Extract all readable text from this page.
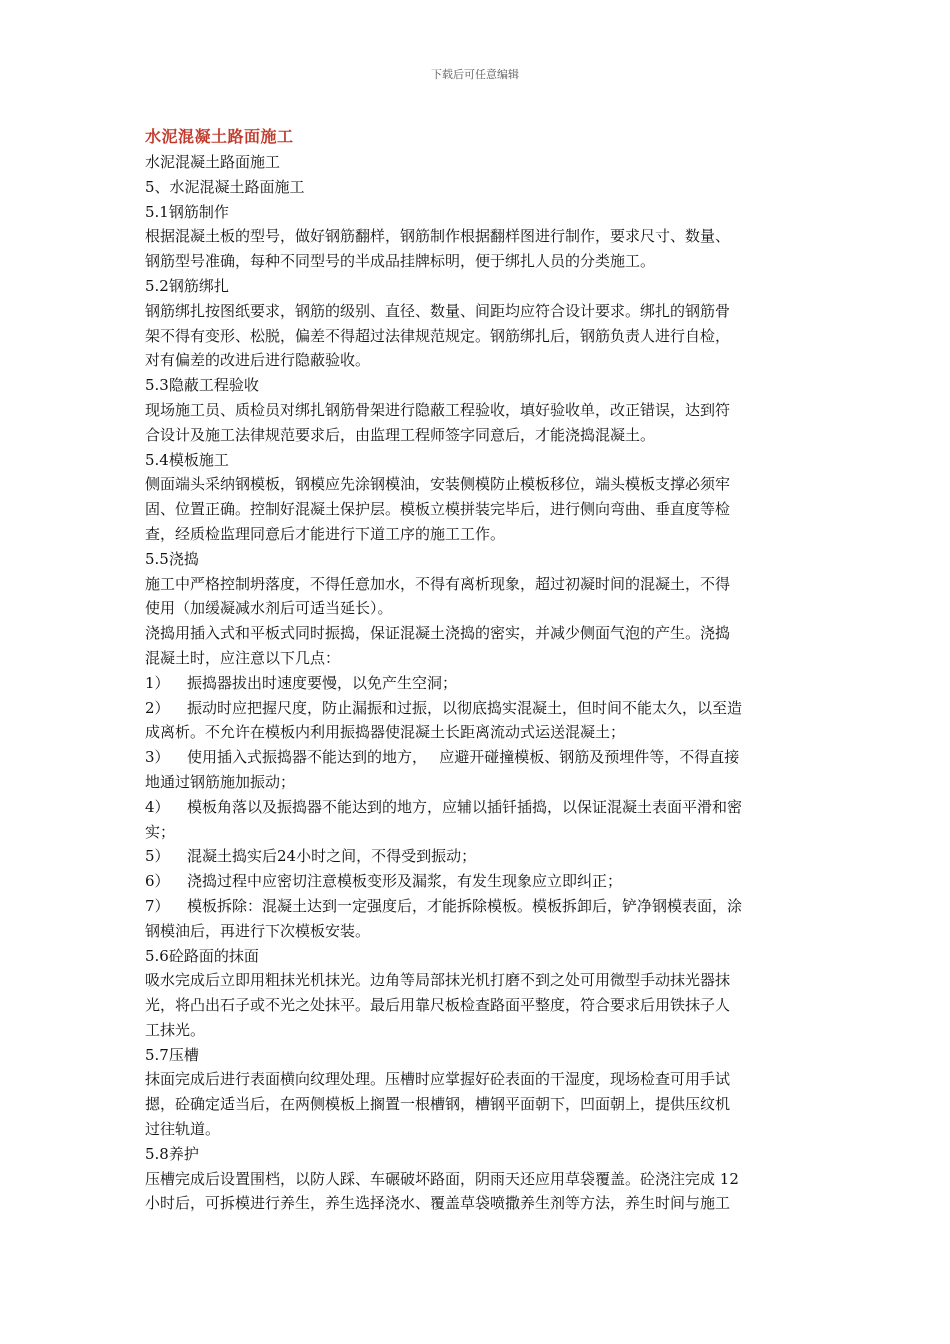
下载后可任意编辑
水泥混凝土路面施工
水泥混凝土路面施工
5、水泥混凝土路面施工
5.1钢筋制作
根据混凝土板的型号，做好钢筋翻样，钢筋制作根据翻样图进行制作，要求尺寸、数量、
钢筋型号准确，每种不同型号的半成品挂牌标明，便于绑扎人员的分类施工。
5.2钢筋绑扎
钢筋绑扎按图纸要求，钢筋的级别、直径、数量、间距均应符合设计要求。绑扎的钢筋骨
架不得有变形、松脱，偏差不得超过法律规范规定。钢筋绑扎后，钢筋负责人进行自检，
对有偏差的改进后进行隐蔽验收。
5.3隐蔽工程验收
现场施工员、质检员对绑扎钢筋骨架进行隐蔽工程验收，填好验收单，改正错误，达到符
合设计及施工法律规范要求后，由监理工程师签字同意后，才能浇捣混凝土。
5.4模板施工
侧面端头采纳钢模板，钢模应先涂钢模油，安装侧模防止模板移位，端头模板支撑必须牢
固、位置正确。控制好混凝土保护层。模板立模拼装完毕后，进行侧向弯曲、垂直度等检
查，经质检监理同意后才能进行下道工序的施工工作。
5.5浇捣
施工中严格控制坍落度，不得任意加水，不得有离析现象，超过初凝时间的混凝土，不得
使用（加缓凝减水剂后可适当延长）。
浇捣用插入式和平板式同时振捣，保证混凝土浇捣的密实，并减少侧面气泡的产生。浇捣
混凝土时，应注意以下几点：
1）	振捣器拔出时速度要慢，以免产生空洞；
2）	振动时应把握尺度，防止漏振和过振，以彻底捣实混凝土，但时间不能太久，以至造
成离析。不允许在模板内利用振捣器使混凝土长距离流动式运送混凝土；
3）	使用插入式振捣器不能达到的地方，　 应避开碰撞模板、钢筋及预埋件等，不得直接
地通过钢筋施加振动；
4）	模板角落以及振捣器不能达到的地方，应辅以插钎插捣，以保证混凝土表面平滑和密
实；
5）	混凝土捣实后24小时之间，不得受到振动；
6）	浇捣过程中应密切注意模板变形及漏浆，有发生现象应立即纠正；
7）	模板拆除：混凝土达到一定强度后，才能拆除模板。模板拆卸后，铲净钢模表面，涂
钢模油后，再进行下次模板安装。
5.6砼路面的抹面
吸水完成后立即用粗抹光机抹光。边角等局部抹光机打磨不到之处可用微型手动抹光器抹
光，将凸出石子或不光之处抹平。最后用靠尺板检查路面平整度，符合要求后用铁抹子人
工抹光。
5.7压槽
抹面完成后进行表面横向纹理处理。压槽时应掌握好砼表面的干湿度，现场检查可用手试
摁，砼确定适当后，在两侧模板上搁置一根槽钢，槽钢平面朝下，凹面朝上，提供压纹机
过往轨道。
5.8养护
压槽完成后设置围档，以防人踩、车碾破坏路面，阴雨天还应用草袋覆盖。砼浇注完成 12
小时后，可拆模进行养生，养生选择浇水、覆盖草袋喷撒养生剂等方法，养生时间与施工
